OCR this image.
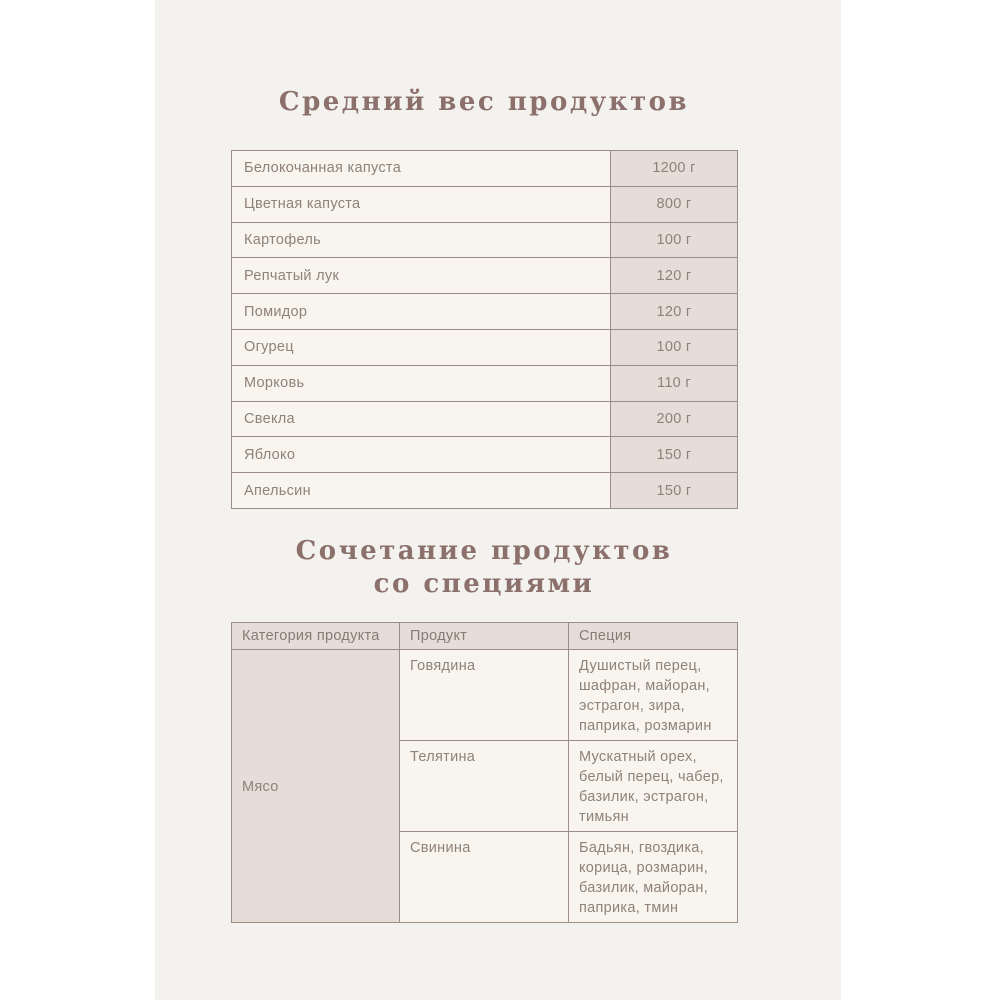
Средний вес продуктов
Белокочанная капуста	1200 г
Цветная капуста	800 г
Картофель	100 г
Репчатый лук	120 г
Помидор	120 г
Огурец	100 г
Морковь	110 г
Свекла	200 г
Яблоко	150 г
Апельсин	150 г
Сочетание продуктов
со специями
Категория продукта	Продукт	Специя
Мясо	Говядина	Душистый перец, шафран, майоран, эстрагон, зира, паприка, розмарин
	Телятина	Мускатный орех, белый перец, чабер, базилик, эстрагон, тимьян
	Свинина	Бадьян, гвоздика, корица, розмарин, базилик, майоран, паприка, тмин
